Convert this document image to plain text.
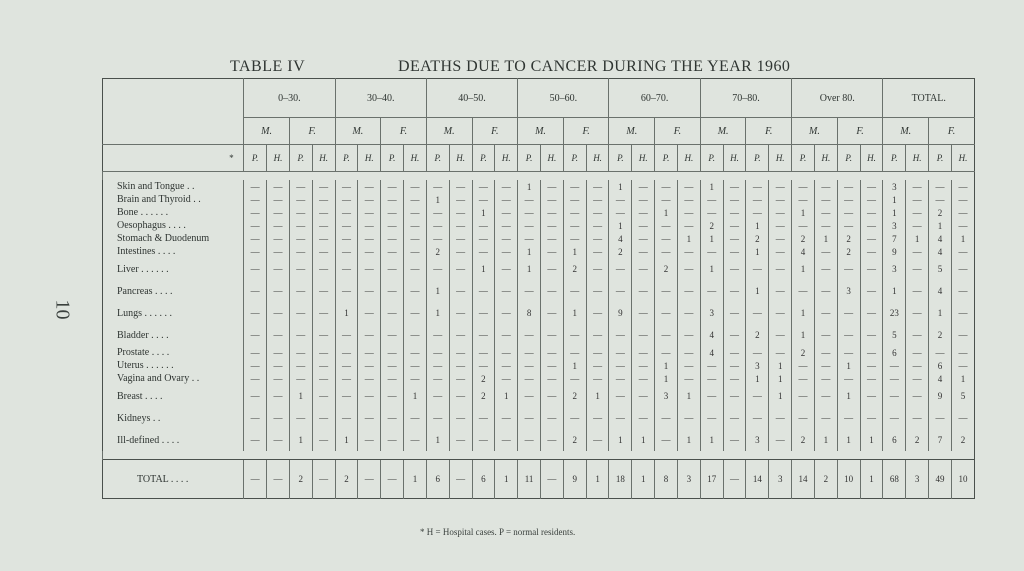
10
TABLE IV	DEATHS DUE TO CANCER DURING THE YEAR 1960
	0–30.				30–40.				40–50.				50–60.				60–70.				70–80.				Over 80.				TOTAL.			
	M.		F.		M.		F.		M.		F.		M.		F.		M.		F.		M.		F.		M.		F.		M.		F.	
*	P.	H.	P.	H.	P.	H.	P.	H.	P.	H.	P.	H.	P.	H.	P.	H.	P.	H.	P.	H.	P.	H.	P.	H.	P.	H.	P.	H.	P.	H.	P.	H.

Skin and Tongue . .	—	—	—	—	—	—	—	—	—	—	—	—	1	—	—	—	1	—	—	—	1	—	—	—	—	—	—	—	3	—	—	—
Brain and Thyroid . .	—	—	—	—	—	—	—	—	1	—	—	—	—	—	—	—	—	—	—	—	—	—	—	—	—	—	—	—	1	—	—	—
Bone . . . . . .	—	—	—	—	—	—	—	—	—	—	1	—	—	—	—	—	—	—	1	—	—	—	—	—	1	—	—	—	1	—	2	—
Oesophagus . . . .	—	—	—	—	—	—	—	—	—	—	—	—	—	—	—	—	1	—	—	—	2	—	1	—	—	—	—	—	3	—	1	—
Stomach & Duodenum	—	—	—	—	—	—	—	—	—	—	—	—	—	—	—	—	4	—	—	1	1	—	2	—	2	1	2	—	7	1	4	1
Intestines . . . .	—	—	—	—	—	—	—	—	2	—	—	—	1	—	1	—	2	—	—	—	—	—	1	—	4	—	2	—	9	—	4	—
Liver . . . . . .	—	—	—	—	—	—	—	—	—	—	1	—	1	—	2	—	—	—	2	—	1	—	—	—	1	—	—	—	3	—	5	—
Pancreas . . . .	—	—	—	—	—	—	—	—	1	—	—	—	—	—	—	—	—	—	—	—	—	—	1	—	—	—	3	—	1	—	4	—
Lungs . . . . . .	—	—	—	—	1	—	—	—	1	—	—	—	8	—	1	—	9	—	—	—	3	—	—	—	1	—	—	—	23	—	1	—
Bladder . . . .	—	—	—	—	—	—	—	—	—	—	—	—	—	—	—	—	—	—	—	—	4	—	2	—	1	—	—	—	5	—	2	—
Prostate . . . .	—	—	—	—	—	—	—	—	—	—	—	—	—	—	—	—	—	—	—	—	4	—	—	—	2	—	—	—	6	—	—	—
Uterus . . . . . .	—	—	—	—	—	—	—	—	—	—	—	—	—	—	1	—	—	—	1	—	—	—	3	1	—	—	1	—	—	—	6	—
Vagina and Ovary . .	—	—	—	—	—	—	—	—	—	—	2	—	—	—	—	—	—	—	1	—	—	—	1	1	—	—	—	—	—	—	4	1
Breast . . . .	—	—	1	—	—	—	—	1	—	—	2	1	—	—	2	1	—	—	3	1	—	—	—	1	—	—	1	—	—	—	9	5
Kidneys . .	—	—	—	—	—	—	—	—	—	—	—	—	—	—	—	—	—	—	—	—	—	—	—	—	—	—	—	—	—	—	—	—
Ill-defined . . . .	—	—	1	—	1	—	—	—	1	—	—	—	—	—	2	—	1	1	—	1	1	—	3	—	2	1	1	1	6	2	7	2

TOTAL . . . .	—	—	2	—	2	—	—	1	6	—	6	1	11	—	9	1	18	1	8	3	17	—	14	3	14	2	10	1	68	3	49	10
* H = Hospital cases. P = normal residents.
